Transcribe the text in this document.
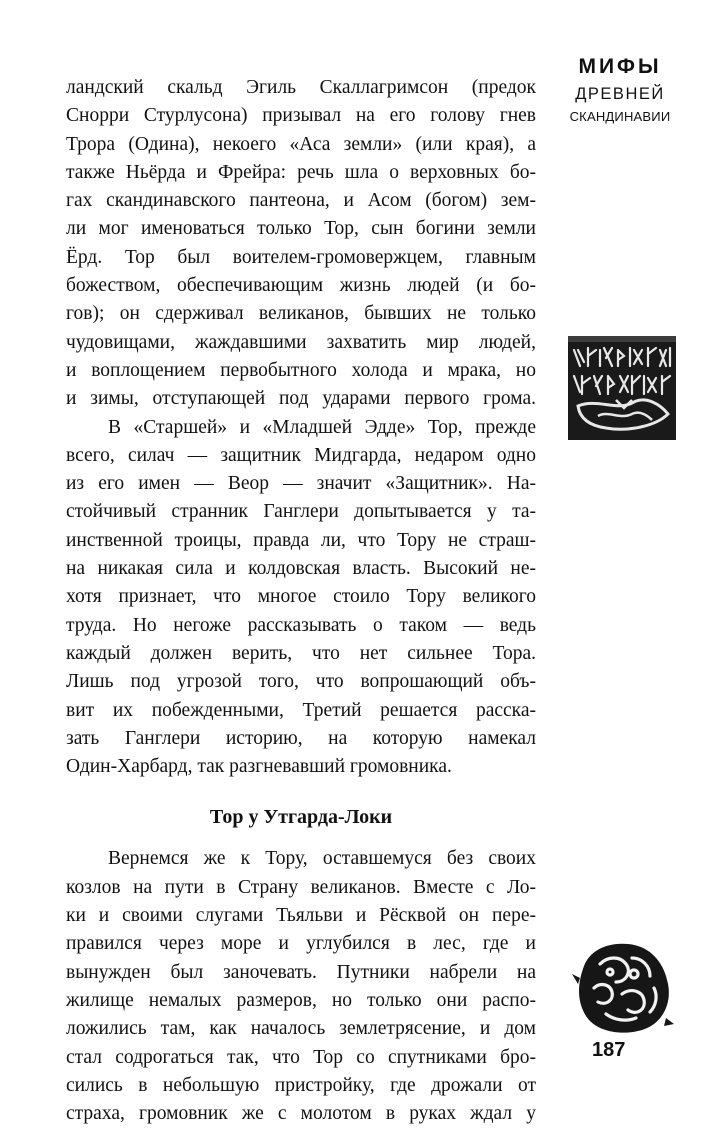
МИФЫ
ДРЕВНЕЙ
СКАНДИНАВИИ

ландский скальд Эгиль Скаллагримсон (предок
Снорри Стурлусона) призывал на его голову гнев
Трора (Одина), некоего «Аса земли» (или края), а
также Ньёрда и Фрейра: речь шла о верховных бо-
гах скандинавского пантеона, и Асом (богом) зем-
ли мог именоваться только Тор, сын богини земли
Ёрд. Тор был воителем-громовержцем, главным
божеством, обеспечивающим жизнь людей (и бо-
гов); он сдерживал великанов, бывших не только
чудовищами, жаждавшими захватить мир людей,
и воплощением первобытного холода и мрака, но
и зимы, отступающей под ударами первого грома.

В «Старшей» и «Младшей Эдде» Тор, прежде
всего, силач — защитник Мидгарда, недаром одно
из его имен — Веор — значит «Защитник». На-
стойчивый странник Ганглери допытывается у та-
инственной троицы, правда ли, что Тору не страш-
на никакая сила и колдовская власть. Высокий не-
хотя признает, что многое стоило Тору великого
труда. Но негоже рассказывать о таком — ведь
каждый должен верить, что нет сильнее Тора.
Лишь под угрозой того, что вопрошающий объ-
вит их побежденными, Третий решается расска-
зать Ганглери историю, на которую намекал
Один-Харбард, так разгневавший громовника.

Тор у Утгарда-Локи

Вернемся же к Тору, оставшемуся без своих
козлов на пути в Страну великанов. Вместе с Ло-
ки и своими слугами Тьяльви и Рёсквой он пере-
правился через море и углубился в лес, где и
вынужден был заночевать. Путники набрели на
жилище немалых размеров, но только они распо-
ложились там, как началось землетрясение, и дом
стал содрогаться так, что Тор со спутниками бро-
сились в небольшую пристройку, где дрожали от
страха, громовник же с молотом в руках ждал у

187
